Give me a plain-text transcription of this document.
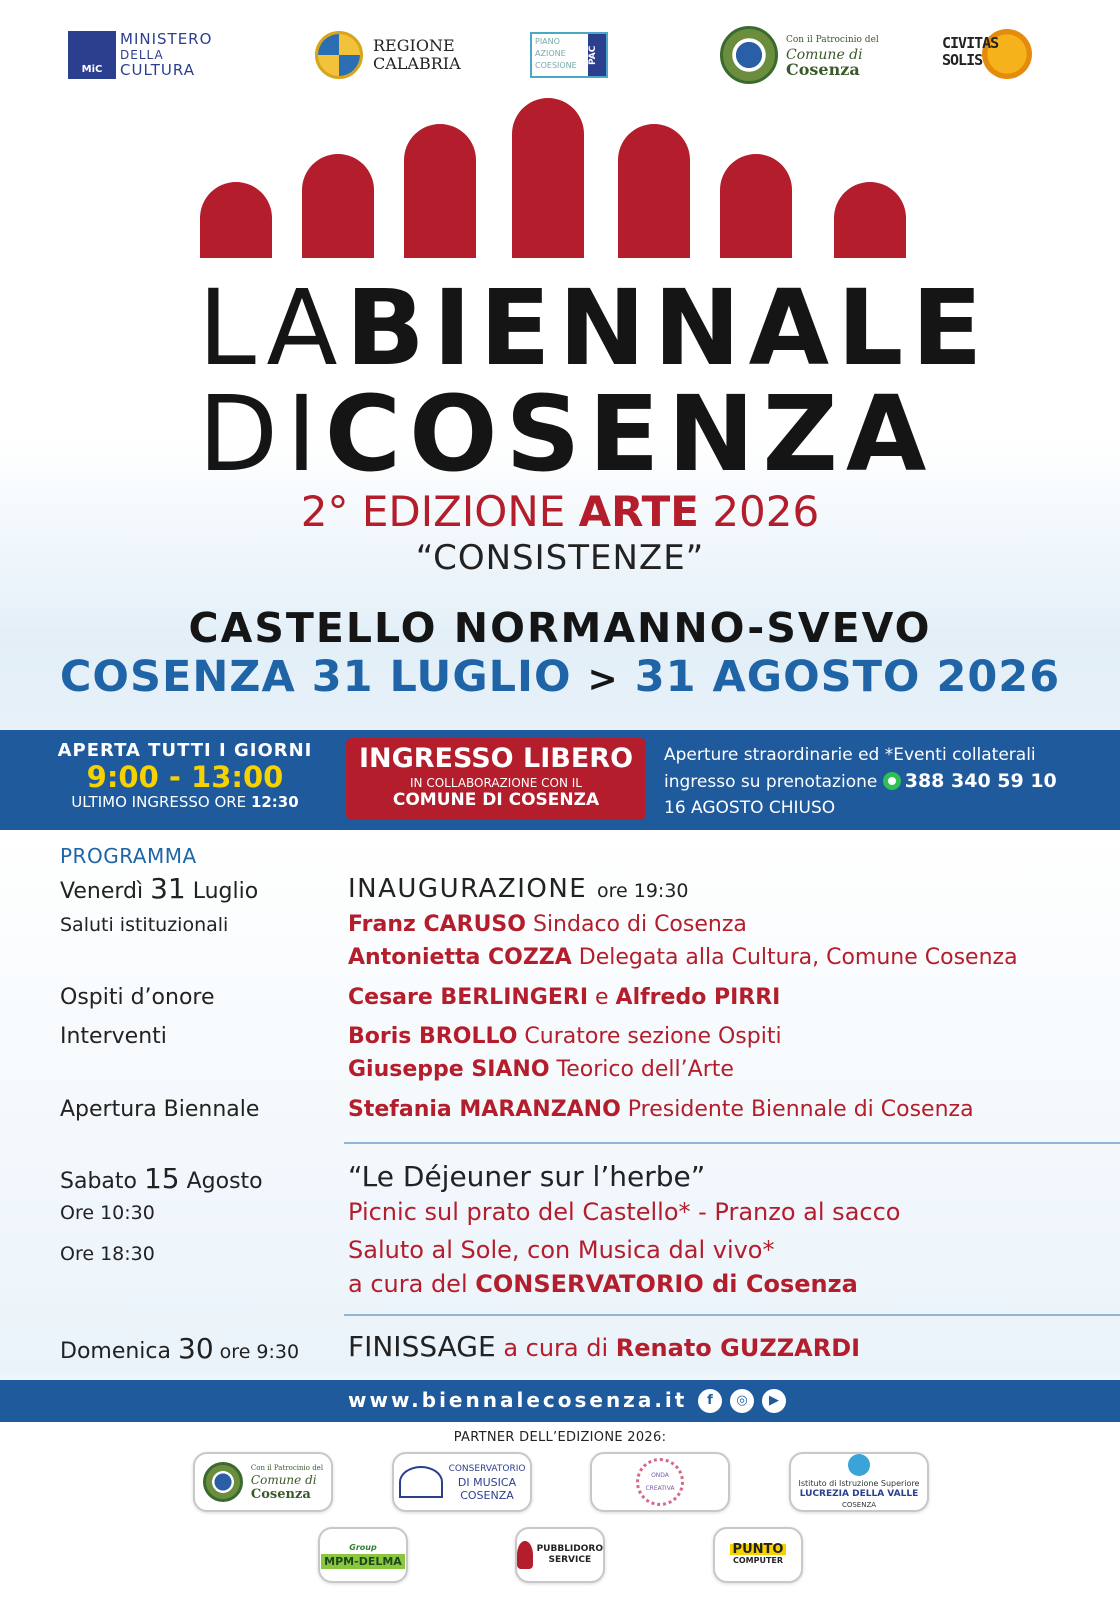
MiC
MINISTERO
DELLA
CULTURA
REGIONE
CALABRIA
PIANO
AZIONE
COESIONE
PAC
Con il Patrocinio del
Comune di
Cosenza
CIVITAS
SOLIS
LABIENNALE
DICOSENZA
2° EDIZIONE ARTE 2026
“CONSISTENZE”
CASTELLO NORMANNO-SVEVO
COSENZA 31 LUGLIO > 31 AGOSTO 2026
APERTA TUTTI I GIORNI
9:00 - 13:00
ULTIMO INGRESSO ORE 12:30
INGRESSO LIBERO
IN COLLABORAZIONE CON IL
COMUNE DI COSENZA
Aperture straordinarie ed *Eventi collaterali
ingresso su prenotazione 388 340 59 10
16 AGOSTO CHIUSO
PROGRAMMA
Venerdì 31 Luglio	INAUGURAZIONE ore 19:30
Saluti istituzionali	Franz CARUSO Sindaco di Cosenza
Antonietta COZZA Delegata alla Cultura, Comune Cosenza
Ospiti d’onore	Cesare BERLINGERI e Alfredo PIRRI
Interventi	Boris BROLLO Curatore sezione Ospiti
Giuseppe SIANO Teorico dell’Arte
Apertura Biennale	Stefania MARANZANO Presidente Biennale di Cosenza
Sabato 15 Agosto	“Le Déjeuner sur l’herbe”
Ore 10:30	Picnic sul prato del Castello* - Pranzo al sacco
Ore 18:30	Saluto al Sole, con Musica dal vivo*
a cura del CONSERVATORIO di Cosenza
Domenica 30 ore 9:30 FINISSAGE a cura di Renato GUZZARDI
www.biennalecosenza.it	f	◎	▶
PARTNER DELL’EDIZIONE 2026:
Con il Patrocinio del
Comune di
Cosenza
CONSERVATORIO
DI MUSICA
COSENZA
ONDA CREATIVA
Istituto di Istruzione Superiore
LUCREZIA DELLA VALLE
COSENZA
Group
MPM-DELMA
PUBBLIDORO
SERVICE
PUNTO
COMPUTER
